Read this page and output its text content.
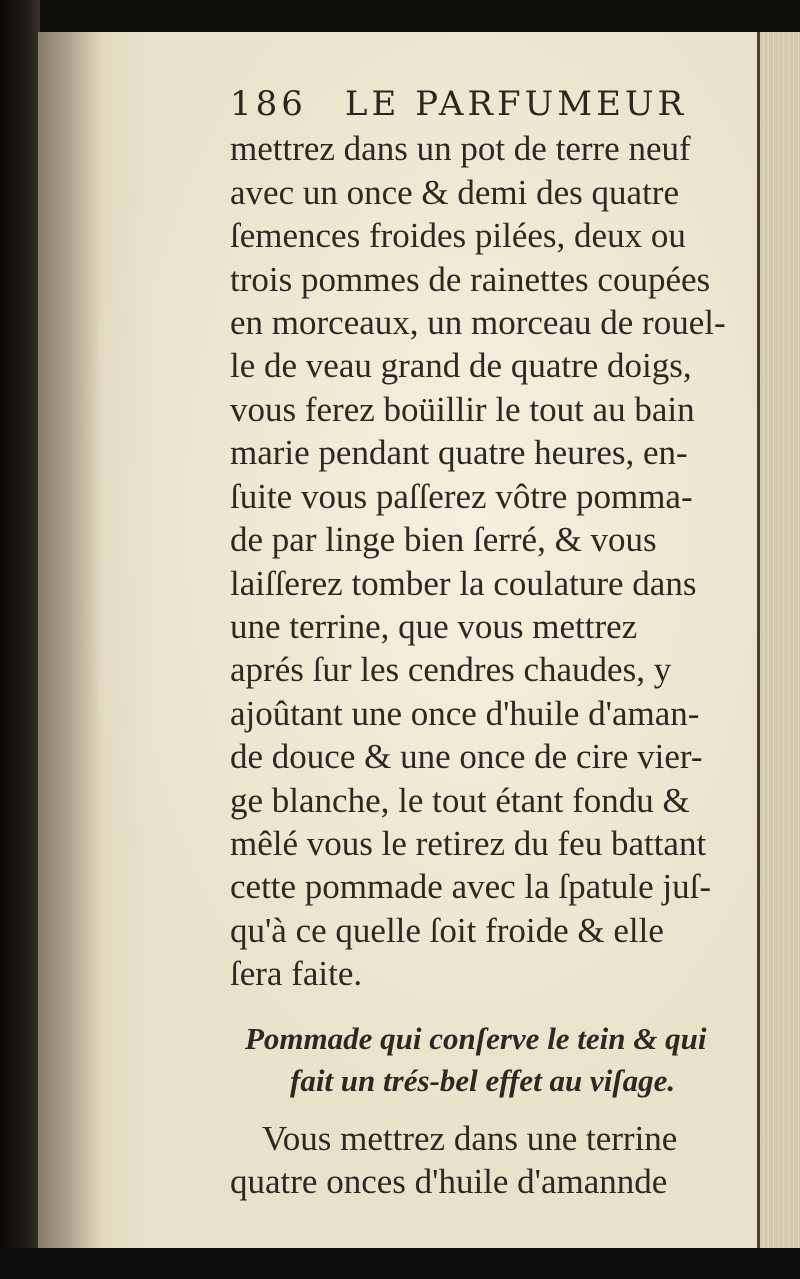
186 LE PARFUMEUR
mettrez dans un pot de terre neuf
avec un once & demi des quatre
ſemences froides pilées, deux ou
trois pommes de rainettes coupées
en morceaux, un morceau de rouel-
le de veau grand de quatre doigs,
vous ferez boüillir le tout au bain
marie pendant quatre heures, en-
ſuite vous paſſerez vôtre pomma-
de par linge bien ſerré, & vous
laiſſerez tomber la coulature dans
une terrine, que vous mettrez
aprés ſur les cendres chaudes, y
ajoûtant une once d'huile d'aman-
de douce & une once de cire vier-
ge blanche, le tout étant fondu &
mêlé vous le retirez du feu battant
cette pommade avec la ſpatule juſ-
qu'à ce quelle ſoit froide & elle
ſera faite.
Pommade qui conſerve le tein & qui
fait un trés-bel effet au viſage.
Vous mettrez dans une terrine
quatre onces d'huile d'amannde
